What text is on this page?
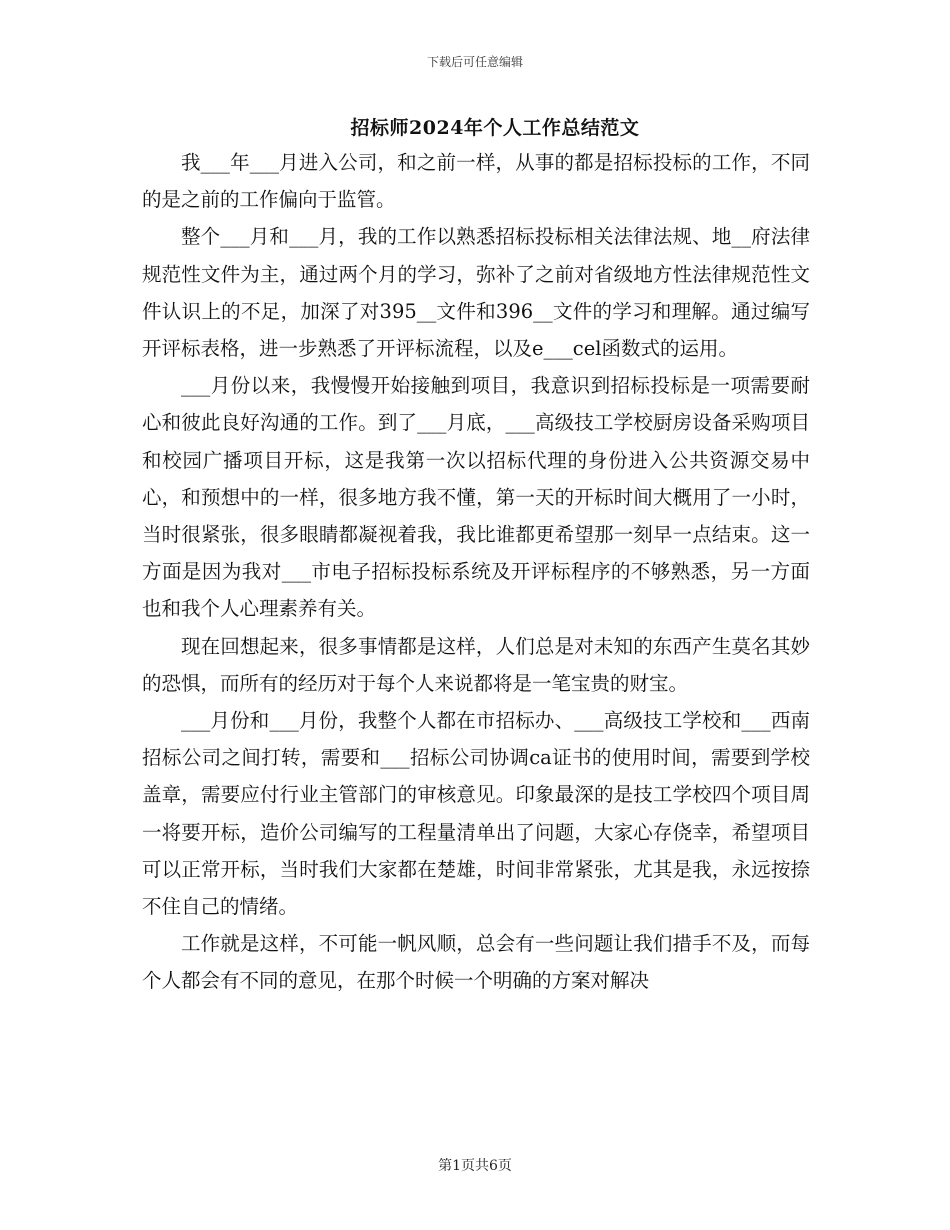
下载后可任意编辑
招标师2024年个人工作总结范文

我___年___月进入公司，和之前一样，从事的都是招标投标的工作，不同的是之前的工作偏向于监管。

整个___月和___月，我的工作以熟悉招标投标相关法律法规、地__府法律规范性文件为主，通过两个月的学习，弥补了之前对省级地方性法律规范性文件认识上的不足，加深了对395__文件和396__文件的学习和理解。通过编写开评标表格，进一步熟悉了开评标流程，以及e___cel函数式的运用。

___月份以来，我慢慢开始接触到项目，我意识到招标投标是一项需要耐心和彼此良好沟通的工作。到了___月底，___高级技工学校厨房设备采购项目和校园广播项目开标，这是我第一次以招标代理的身份进入公共资源交易中心，和预想中的一样，很多地方我不懂，第一天的开标时间大概用了一小时，当时很紧张，很多眼睛都凝视着我，我比谁都更希望那一刻早一点结束。这一方面是因为我对___市电子招标投标系统及开评标程序的不够熟悉，另一方面也和我个人心理素养有关。

现在回想起来，很多事情都是这样，人们总是对未知的东西产生莫名其妙的恐惧，而所有的经历对于每个人来说都将是一笔宝贵的财宝。

___月份和___月份，我整个人都在市招标办、___高级技工学校和___西南招标公司之间打转，需要和___招标公司协调ca证书的使用时间，需要到学校盖章，需要应付行业主管部门的审核意见。印象最深的是技工学校四个项目周一将要开标，造价公司编写的工程量清单出了问题，大家心存侥幸，希望项目可以正常开标，当时我们大家都在楚雄，时间非常紧张，尤其是我，永远按捺不住自己的情绪。

工作就是这样，不可能一帆风顺，总会有一些问题让我们措手不及，而每个人都会有不同的意见，在那个时候一个明确的方案对解决

第1页共6页
